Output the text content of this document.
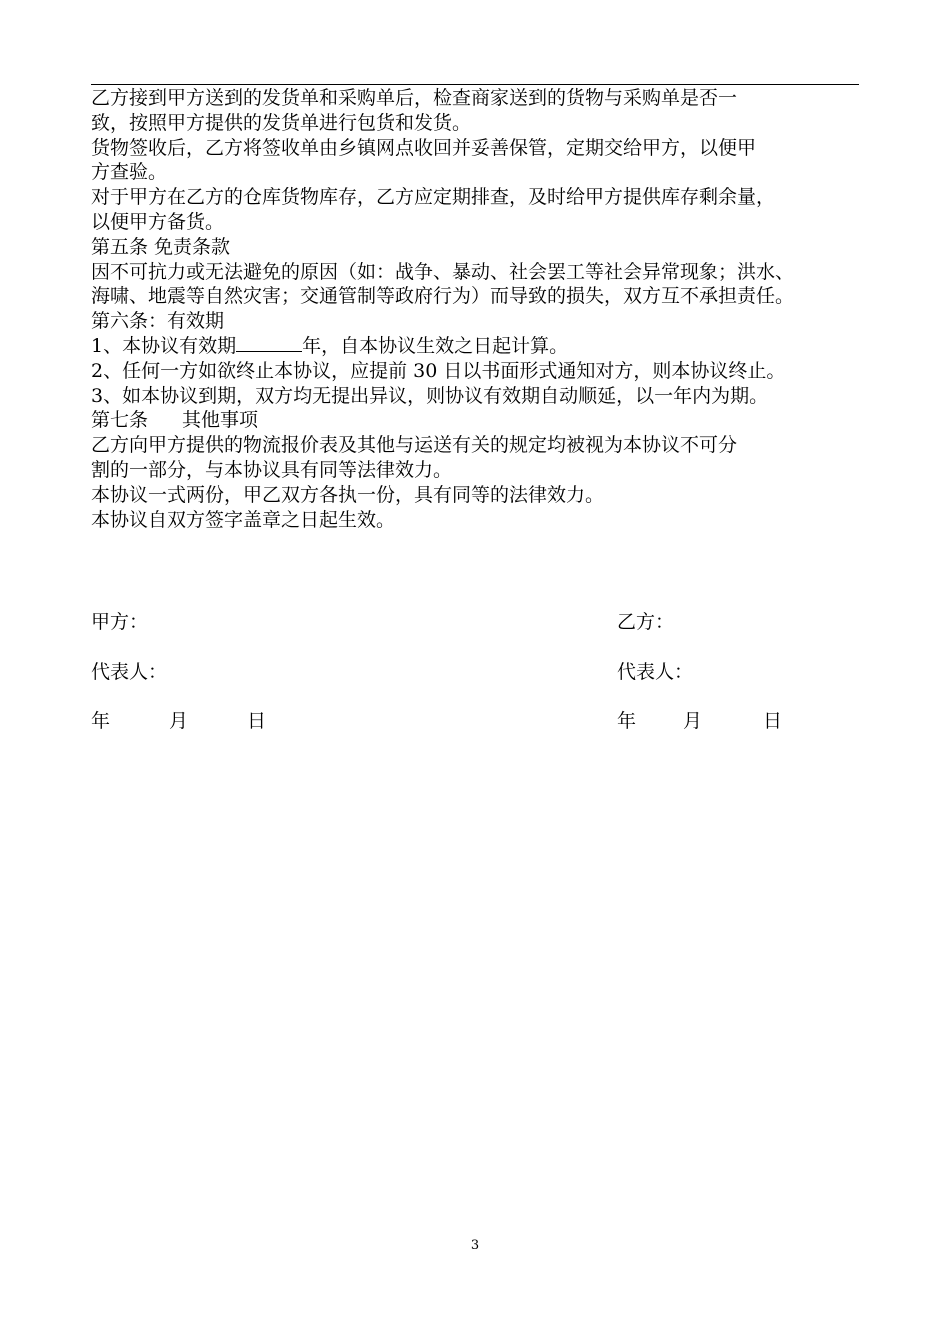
乙方接到甲方送到的发货单和采购单后，检查商家送到的货物与采购单是否一
致，按照甲方提供的发货单进行包货和发货。
货物签收后，乙方将签收单由乡镇网点收回并妥善保管，定期交给甲方，以便甲
方查验。
对于甲方在乙方的仓库货物库存，乙方应定期排查，及时给甲方提供库存剩余量，
以便甲方备货。
第五条 免责条款
因不可抗力或无法避免的原因（如：战争、暴动、社会罢工等社会异常现象；洪水、
海啸、地震等自然灾害；交通管制等政府行为）而导致的损失，双方互不承担责任。
第六条：有效期
1、本协议有效期	年，自本协议生效之日起计算。
2、任何一方如欲终止本协议，应提前 30 日以书面形式通知对方，则本协议终止。
3、如本协议到期，双方均无提出异议，则协议有效期自动顺延，以一年内为期。
第七条 其他事项
乙方向甲方提供的物流报价表及其他与运送有关的规定均被视为本协议不可分
割的一部分，与本协议具有同等法律效力。
本协议一式两份，甲乙双方各执一份，具有同等的法律效力。
本协议自双方签字盖章之日起生效。
甲方：	乙方：
代表人：	代表人：
年	月	日	年 月	日
3
